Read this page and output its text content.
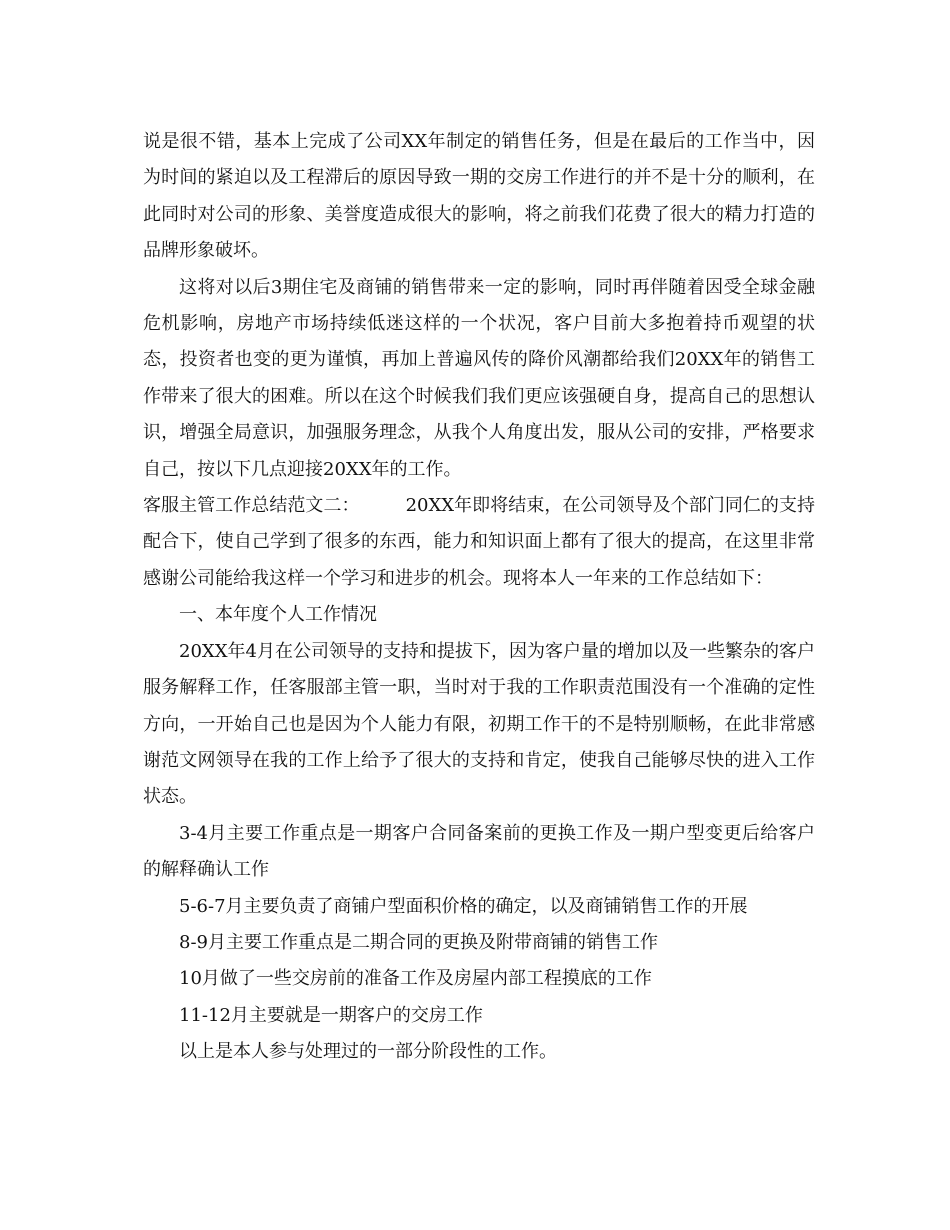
说是很不错，基本上完成了公司XX年制定的销售任务，但是在最后的工作当中，因为时间的紧迫以及工程滞后的原因导致一期的交房工作进行的并不是十分的顺利，在此同时对公司的形象、美誉度造成很大的影响，将之前我们花费了很大的精力打造的品牌形象破坏。

这将对以后3期住宅及商铺的销售带来一定的影响，同时再伴随着因受全球金融危机影响，房地产市场持续低迷这样的一个状况，客户目前大多抱着持币观望的状态，投资者也变的更为谨慎，再加上普遍风传的降价风潮都给我们20XX年的销售工作带来了很大的困难。所以在这个时候我们我们更应该强硬自身，提高自己的思想认识，增强全局意识，加强服务理念，从我个人角度出发，服从公司的安排，严格要求自己，按以下几点迎接20XX年的工作。

客服主管工作总结范文二：	20XX年即将结束，在公司领导及个部门同仁的支持配合下，使自己学到了很多的东西，能力和知识面上都有了很大的提高，在这里非常感谢公司能给我这样一个学习和进步的机会。现将本人一年来的工作总结如下：

一、本年度个人工作情况

20XX年4月在公司领导的支持和提拔下，因为客户量的增加以及一些繁杂的客户服务解释工作，任客服部主管一职，当时对于我的工作职责范围没有一个准确的定性方向，一开始自己也是因为个人能力有限，初期工作干的不是特别顺畅，在此非常感谢范文网领导在我的工作上给予了很大的支持和肯定，使我自己能够尽快的进入工作状态。

3-4月主要工作重点是一期客户合同备案前的更换工作及一期户型变更后给客户的解释确认工作

5-6-7月主要负责了商铺户型面积价格的确定，以及商铺销售工作的开展

8-9月主要工作重点是二期合同的更换及附带商铺的销售工作

10月做了一些交房前的准备工作及房屋内部工程摸底的工作

11-12月主要就是一期客户的交房工作

以上是本人参与处理过的一部分阶段性的工作。
